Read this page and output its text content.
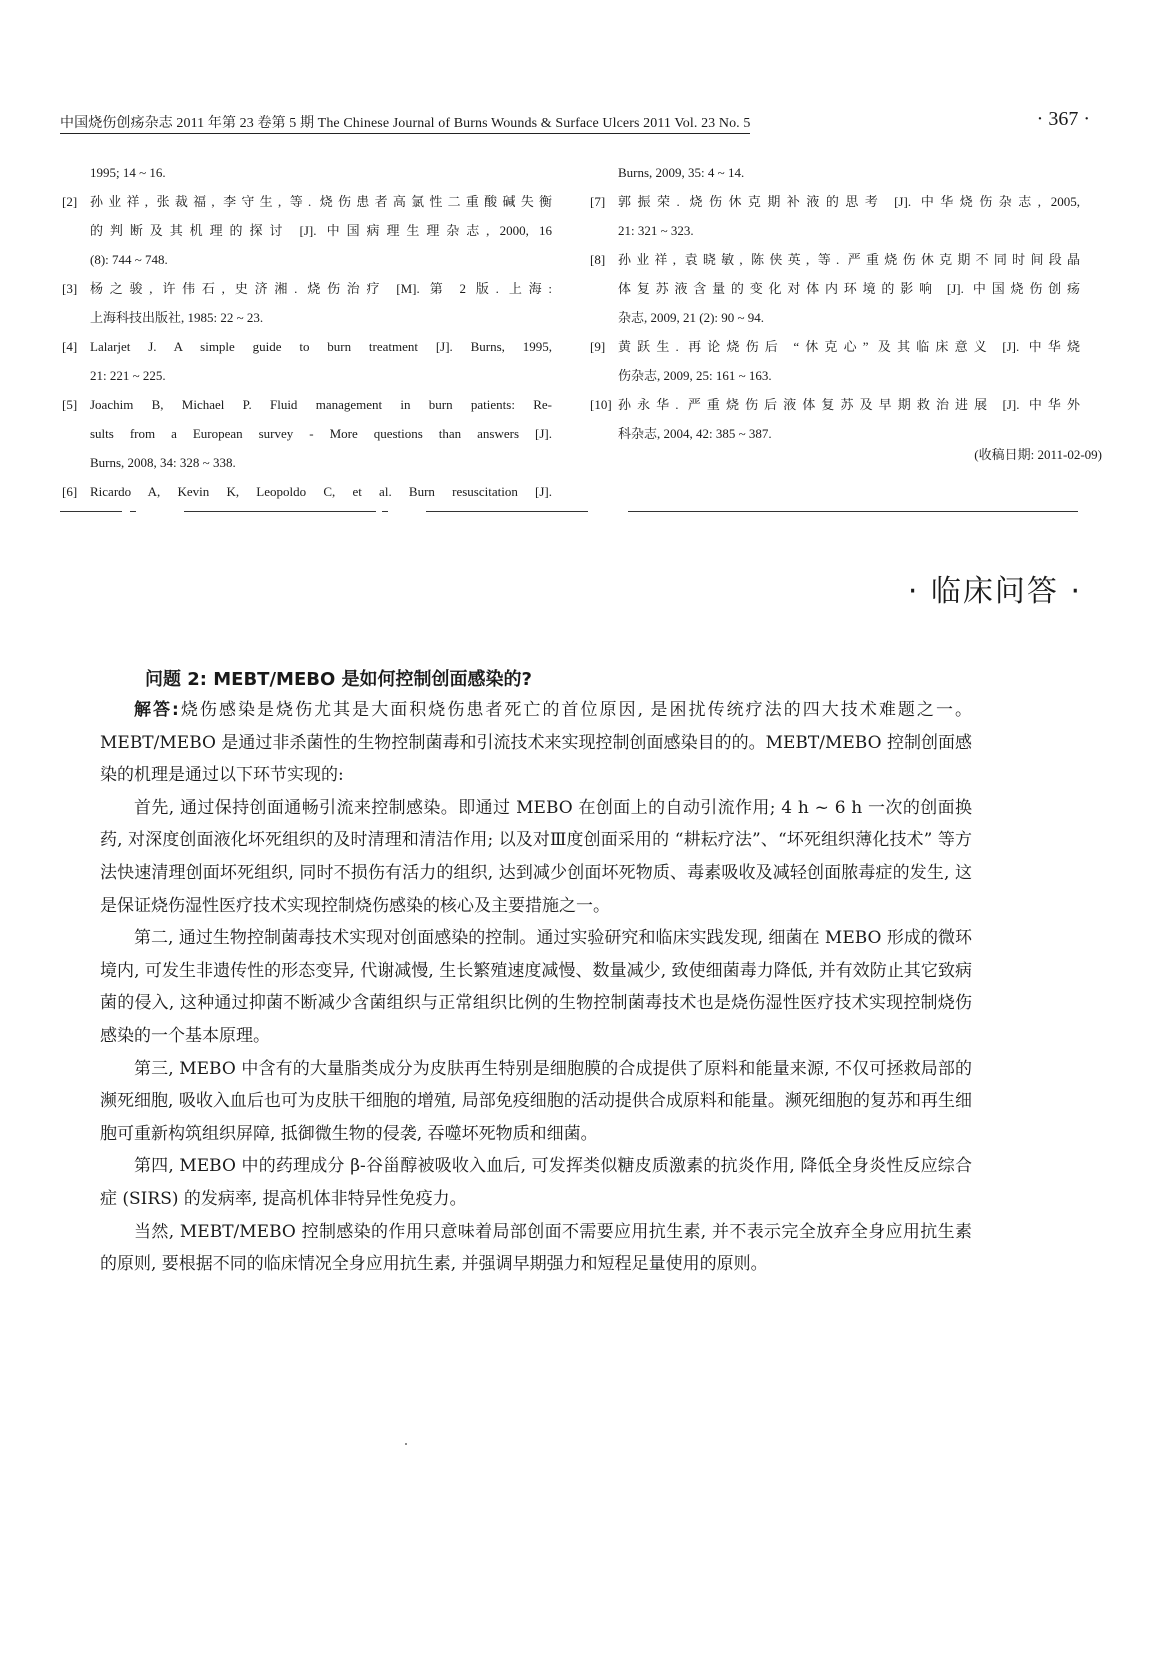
中国烧伤创疡杂志 2011 年第 23 卷第 5 期 The Chinese Journal of Burns Wounds & Surface Ulcers 2011 Vol. 23 No. 5	· 367 ·
1995; 14 ~ 16.
[2] 孙业祥, 张裁福, 李守生, 等. 烧伤患者高氯性二重酸碱失衡
的判断及其机理的探讨 [J]. 中国病理生理杂志, 2000, 16
(8): 744 ~ 748.
[3] 杨之骏, 许伟石, 史济湘. 烧伤治疗 [M]. 第 2 版. 上海:
上海科技出版社, 1985: 22 ~ 23.
[4] Lalarjet J. A simple guide to burn treatment [J]. Burns, 1995,
21: 221 ~ 225.
[5] Joachim B, Michael P. Fluid management in burn patients: Re-
sults from a European survey - More questions than answers [J].
Burns, 2008, 34: 328 ~ 338.
[6] Ricardo A, Kevin K, Leopoldo C, et al. Burn resuscitation [J].
Burns, 2009, 35: 4 ~ 14.
[7] 郭振荣. 烧伤休克期补液的思考 [J]. 中华烧伤杂志, 2005,
21: 321 ~ 323.
[8] 孙业祥, 袁晓敏, 陈侠英, 等. 严重烧伤休克期不同时间段晶
体复苏液含量的变化对体内环境的影响 [J]. 中国烧伤创疡
杂志, 2009, 21 (2): 90 ~ 94.
[9] 黄跃生. 再论烧伤后 “休克心” 及其临床意义 [J]. 中华烧
伤杂志, 2009, 25: 161 ~ 163.
[10] 孙永华. 严重烧伤后液体复苏及早期救治进展 [J]. 中华外
科杂志, 2004, 42: 385 ~ 387.
(收稿日期: 2011-02-09)
· 临床问答 ·
问题 2: MEBT/MEBO 是如何控制创面感染的?

解答:烧伤感染是烧伤尤其是大面积烧伤患者死亡的首位原因, 是困扰传统疗法的四大技术难题之一。MEBT/MEBO 是通过非杀菌性的生物控制菌毒和引流技术来实现控制创面感染目的的。MEBT/MEBO 控制创面感染的机理是通过以下环节实现的:

首先, 通过保持创面通畅引流来控制感染。即通过 MEBO 在创面上的自动引流作用; 4 h ~ 6 h 一次的创面换药, 对深度创面液化坏死组织的及时清理和清洁作用; 以及对Ⅲ度创面采用的 “耕耘疗法”、“坏死组织薄化技术” 等方法快速清理创面坏死组织, 同时不损伤有活力的组织, 达到减少创面坏死物质、毒素吸收及减轻创面脓毒症的发生, 这是保证烧伤湿性医疗技术实现控制烧伤感染的核心及主要措施之一。

第二, 通过生物控制菌毒技术实现对创面感染的控制。通过实验研究和临床实践发现, 细菌在 MEBO 形成的微环境内, 可发生非遗传性的形态变异, 代谢减慢, 生长繁殖速度减慢、数量减少, 致使细菌毒力降低, 并有效防止其它致病菌的侵入, 这种通过抑菌不断减少含菌组织与正常组织比例的生物控制菌毒技术也是烧伤湿性医疗技术实现控制烧伤感染的一个基本原理。

第三, MEBO 中含有的大量脂类成分为皮肤再生特别是细胞膜的合成提供了原料和能量来源, 不仅可拯救局部的濒死细胞, 吸收入血后也可为皮肤干细胞的增殖, 局部免疫细胞的活动提供合成原料和能量。濒死细胞的复苏和再生细胞可重新构筑组织屏障, 抵御微生物的侵袭, 吞噬坏死物质和细菌。

第四, MEBO 中的药理成分 β-谷甾醇被吸收入血后, 可发挥类似糖皮质激素的抗炎作用, 降低全身炎性反应综合症 (SIRS) 的发病率, 提高机体非特异性免疫力。

当然, MEBT/MEBO 控制感染的作用只意味着局部创面不需要应用抗生素, 并不表示完全放弃全身应用抗生素的原则, 要根据不同的临床情况全身应用抗生素, 并强调早期强力和短程足量使用的原则。
